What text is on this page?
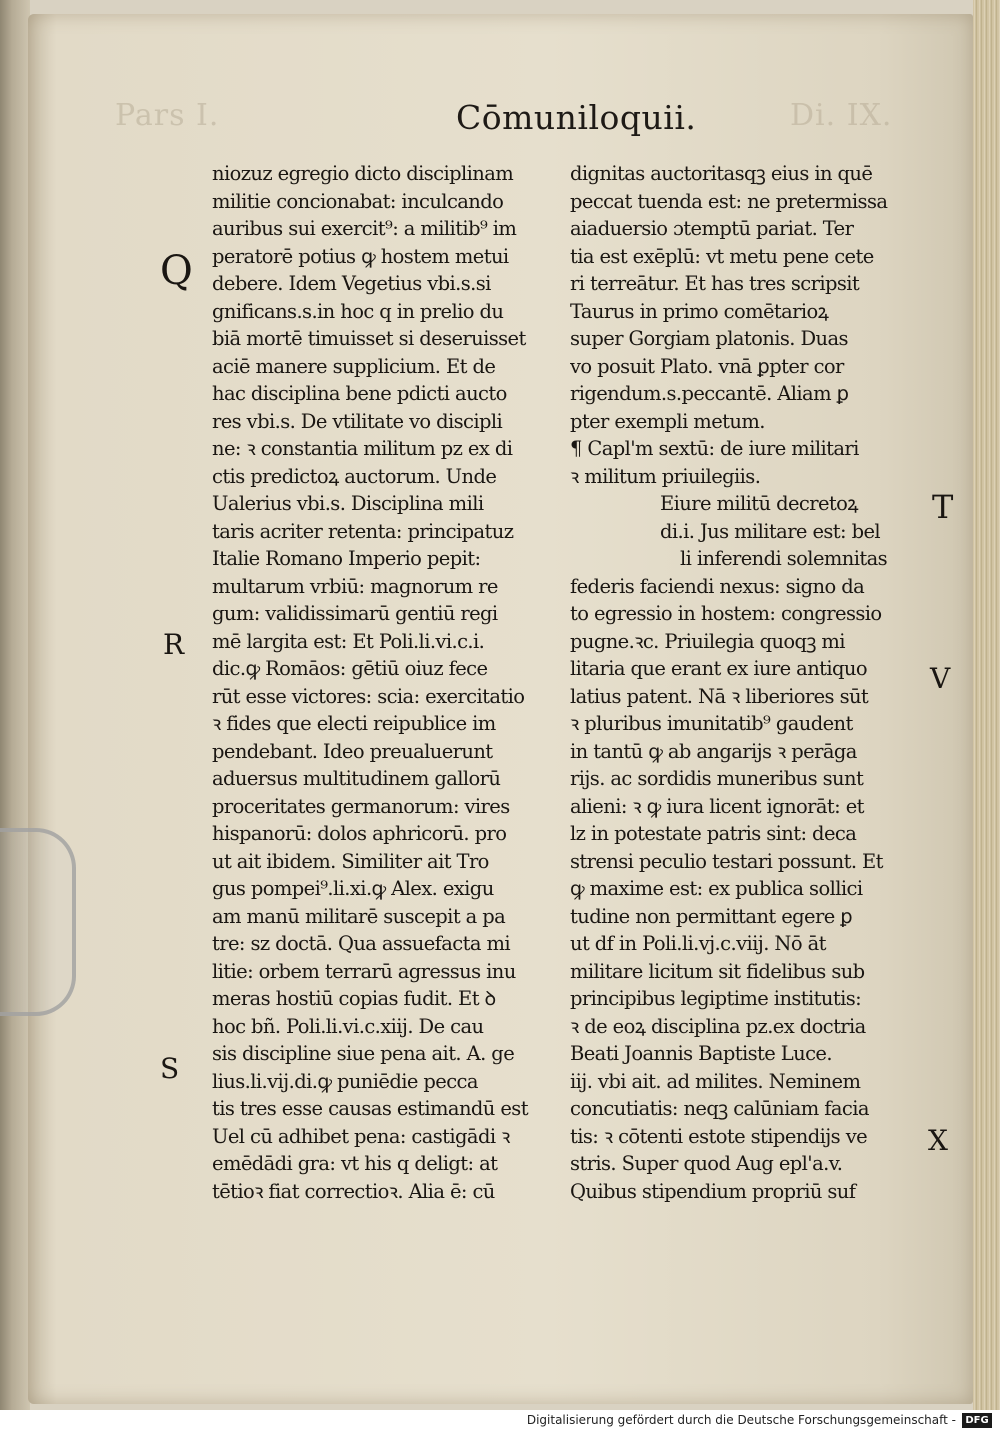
Pars I.	Di. IX.
Cōmuniloquii.
Q
R
S
T
V
X
niozuz egregio dicto disciplinam
militie concionabat: inculcando
auribus sui exercit⁹: a militib⁹ im
peratorē potius ꝙ hostem metui
debere. Idem Vegetius vbi.s.si
gnificans.s.in hoc q in prelio du
biā mortē timuisset si deseruisset
aciē manere supplicium. Et de
hac disciplina bene pdicti aucto
res vbi.s. De vtilitate vo discipli
ne: ꝛ constantia militum pz ex di
ctis predictoꝝ auctorum. Unde
Ualerius vbi.s. Disciplina mili
taris acriter retenta: principatuz
Italie Romano Imperio pepit:
multarum vrbiū: magnorum re
gum: validissimarū gentiū regi
mē largita est: Et Poli.li.vi.c.i.
dic.ꝙ Romāos: gētiū oiuz fece
rūt esse victores: scia: exercitatio
ꝛ fides que electi reipublice im
pendebant. Ideo preualuerunt
aduersus multitudinem gallorū
proceritates germanorum: vires
hispanorū: dolos aphricorū. pro
ut ait ibidem. Similiter ait Tro
gus pompei⁹.li.xi.ꝙ Alex. exigu
am manū militarē suscepit a pa
tre: sz doctā. Qua assuefacta mi
litie: orbem terrarū agressus inu
meras hostiū copias fudit. Et ꝺ
hoc bñ. Poli.li.vi.c.xiij. De cau
sis discipline siue pena ait. A. ge
lius.li.vij.di.ꝙ puniēdie pecca
tis tres esse causas estimandū est
Uel cū adhibet pena: castigādi ꝛ
emēdādi gra: vt his q deligt: at
tētioꝛ fiat correctioꝛ. Alia ē: cū
dignitas auctoritasqꝫ eius in quē
peccat tuenda est: ne pretermissa
aiaduersio ɔtemptū pariat. Ter
tia est exēplū: vt metu pene cete
ri terreātur. Et has tres scripsit
Taurus in primo comētarioꝝ
super Gorgiam platonis. Duas
vo posuit Plato. vnā ꝑpter cor
rigendum.s.peccantē. Aliam ꝑ
pter exempli metum.
¶ Capl'm sextū: de iure militari
ꝛ militum priuilegiis.
Eiure militū decretoꝝ
di.i. Jus militare est: bel
li inferendi solemnitas
federis faciendi nexus: signo da
to egressio in hostem: congressio
pugne.ꝛc. Priuilegia quoqꝫ mi
litaria que erant ex iure antiquo
latius patent. Nā ꝛ liberiores sūt
ꝛ pluribus imunitatib⁹ gaudent
in tantū ꝙ ab angarijs ꝛ perāga
rijs. ac sordidis muneribus sunt
alieni: ꝛ ꝙ iura licent ignorāt: et
lz in potestate patris sint: deca
strensi peculio testari possunt. Et
ꝙ maxime est: ex publica sollici
tudine non permittant egere ꝑ
ut df in Poli.li.vj.c.viij. Nō āt
militare licitum sit fidelibus sub
principibus legiptime institutis:
ꝛ de eoꝝ disciplina pz.ex doctria
Beati Joannis Baptiste Luce.
iij. vbi ait. ad milites. Neminem
concutiatis: neqꝫ calūniam facia
tis: ꝛ cōtenti estote stipendijs ve
stris. Super quod Aug epl'a.v.
Quibus stipendium propriū suf
Digitalisierung gefördert durch die Deutsche Forschungsgemeinschaft - DFG
